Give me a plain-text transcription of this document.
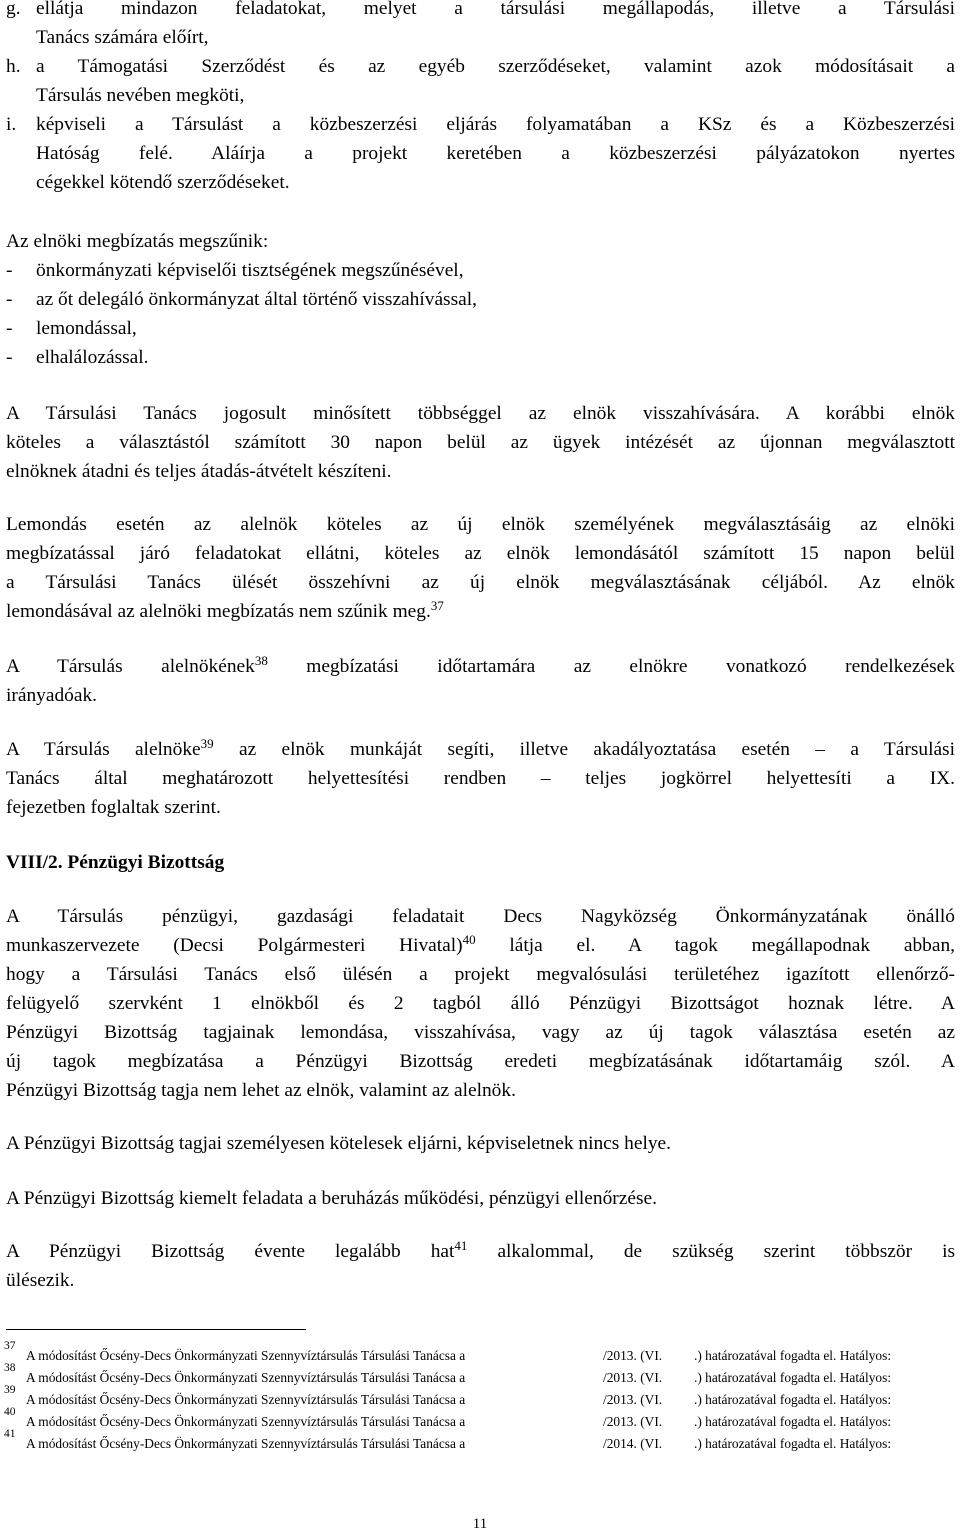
g. ellátja mindazon feladatokat, melyet a társulási megállapodás, illetve a Társulási
Tanács számára előírt,
h. a Támogatási Szerződést és az egyéb szerződéseket, valamint azok módosításait a
Társulás nevében megköti,
i. képviseli a Társulást a közbeszerzési eljárás folyamatában a KSz és a Közbeszerzési
Hatóság felé. Aláírja a projekt keretében a közbeszerzési pályázatokon nyertes
cégekkel kötendő szerződéseket.
Az elnöki megbízatás megszűnik:
- önkormányzati képviselői tisztségének megszűnésével,
- az őt delegáló önkormányzat által történő visszahívással,
- lemondással,
- elhalálozással.
A Társulási Tanács jogosult minősített többséggel az elnök visszahívására. A korábbi elnök
köteles a választástól számított 30 napon belül az ügyek intézését az újonnan megválasztott
elnöknek átadni és teljes átadás-átvételt készíteni.
Lemondás esetén az alelnök köteles az új elnök személyének megválasztásáig az elnöki
megbízatással járó feladatokat ellátni, köteles az elnök lemondásától számított 15 napon belül
a Társulási Tanács ülését összehívni az új elnök megválasztásának céljából. Az elnök
lemondásával az alelnöki megbízatás nem szűnik meg.$^{37}$
A Társulás alelnökének$^{38}$ megbízatási időtartamára az elnökre vonatkozó rendelkezések
irányadóak.
A Társulás alelnöke$^{39}$ az elnök munkáját segíti, illetve akadályoztatása esetén – a Társulási
Tanács által meghatározott helyettesítési rendben – teljes jogkörrel helyettesíti a IX.
fejezetben foglaltak szerint.
VIII/2. Pénzügyi Bizottság
A Társulás pénzügyi, gazdasági feladatait Decs Nagyközség Önkormányzatának önálló
munkaszervezete (Decsi Polgármesteri Hivatal)$^{40}$ látja el. A tagok megállapodnak abban,
hogy a Társulási Tanács első ülésén a projekt megvalósulási területéhez igazított ellenőrző-
felügyelő szervként 1 elnökből és 2 tagból álló Pénzügyi Bizottságot hoznak létre. A
Pénzügyi Bizottság tagjainak lemondása, visszahívása, vagy az új tagok választása esetén az
új tagok megbízatása a Pénzügyi Bizottság eredeti megbízatásának időtartamáig szól. A
Pénzügyi Bizottság tagja nem lehet az elnök, valamint az alelnök.
A Pénzügyi Bizottság tagjai személyesen kötelesek eljárni, képviseletnek nincs helye.
A Pénzügyi Bizottság kiemelt feladata a beruházás működési, pénzügyi ellenőrzése.
A Pénzügyi Bizottság évente legalább hat$^{41}$ alkalommal, de szükség szerint többször is
ülésezik.
37
A módosítást Őcsény-Decs Önkormányzati Szennyvíztársulás Társulási Tanácsa a	/2013. (VI. .) határozatával fogadta el. Hatályos:
38
A módosítást Őcsény-Decs Önkormányzati Szennyvíztársulás Társulási Tanácsa a	/2013. (VI. .) határozatával fogadta el. Hatályos:
39
A módosítást Őcsény-Decs Önkormányzati Szennyvíztársulás Társulási Tanácsa a	/2013. (VI. .) határozatával fogadta el. Hatályos:
40
A módosítást Őcsény-Decs Önkormányzati Szennyvíztársulás Társulási Tanácsa a	/2013. (VI. .) határozatával fogadta el. Hatályos:
41
A módosítást Őcsény-Decs Önkormányzati Szennyvíztársulás Társulási Tanácsa a	/2014. (VI. .) határozatával fogadta el. Hatályos:
11
